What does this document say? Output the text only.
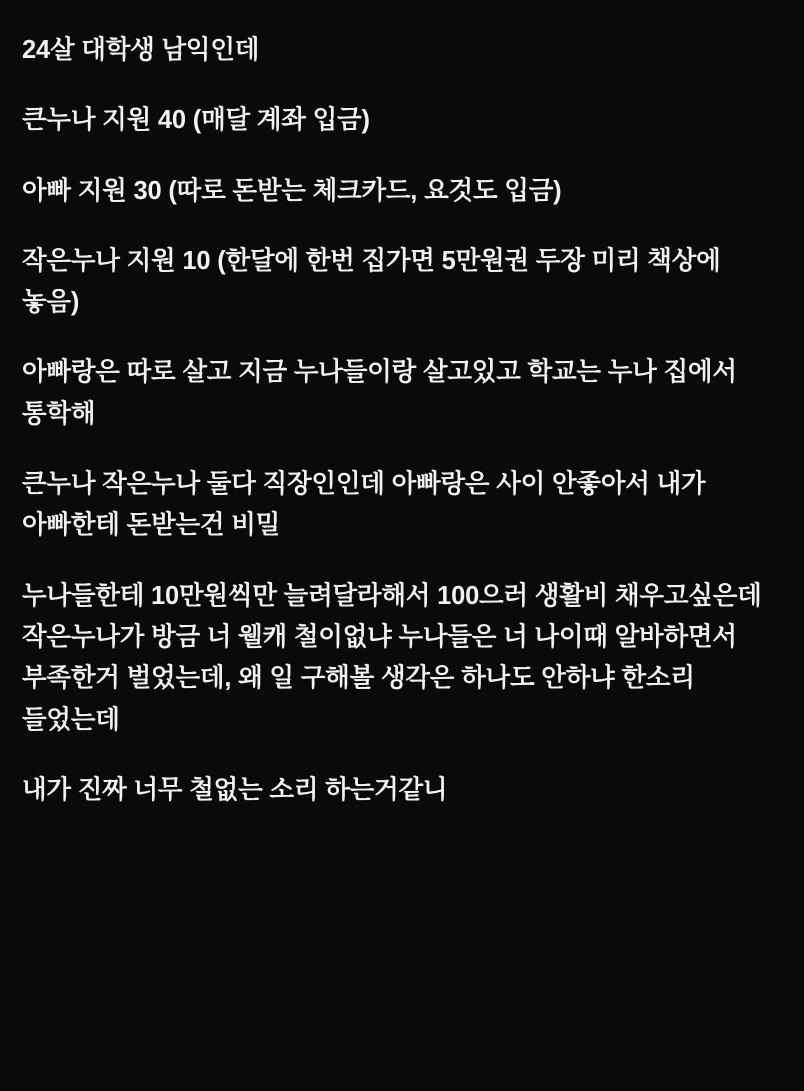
24살 대학생 남익인데

큰누나 지원 40 (매달 계좌 입금)

아빠 지원 30 (따로 돈받는 체크카드, 요것도 입금)

작은누나 지원 10 (한달에 한번 집가면 5만원권 두장 미리 책상에 놓음)

아빠랑은 따로 살고 지금 누나들이랑 살고있고 학교는 누나 집에서 통학해

큰누나 작은누나 둘다 직장인인데 아빠랑은 사이 안좋아서 내가 아빠한테 돈받는건 비밀

누나들한테 10만원씩만 늘려달라해서 100으러 생활비 채우고싶은데 작은누나가 방금 너 웰캐 철이없냐 누나들은 너 나이때 알바하면서 부족한거 벌었는데, 왜 일 구해볼 생각은 하나도 안하냐 한소리 들었는데

내가 진짜 너무 철없는 소리 하는거같니
